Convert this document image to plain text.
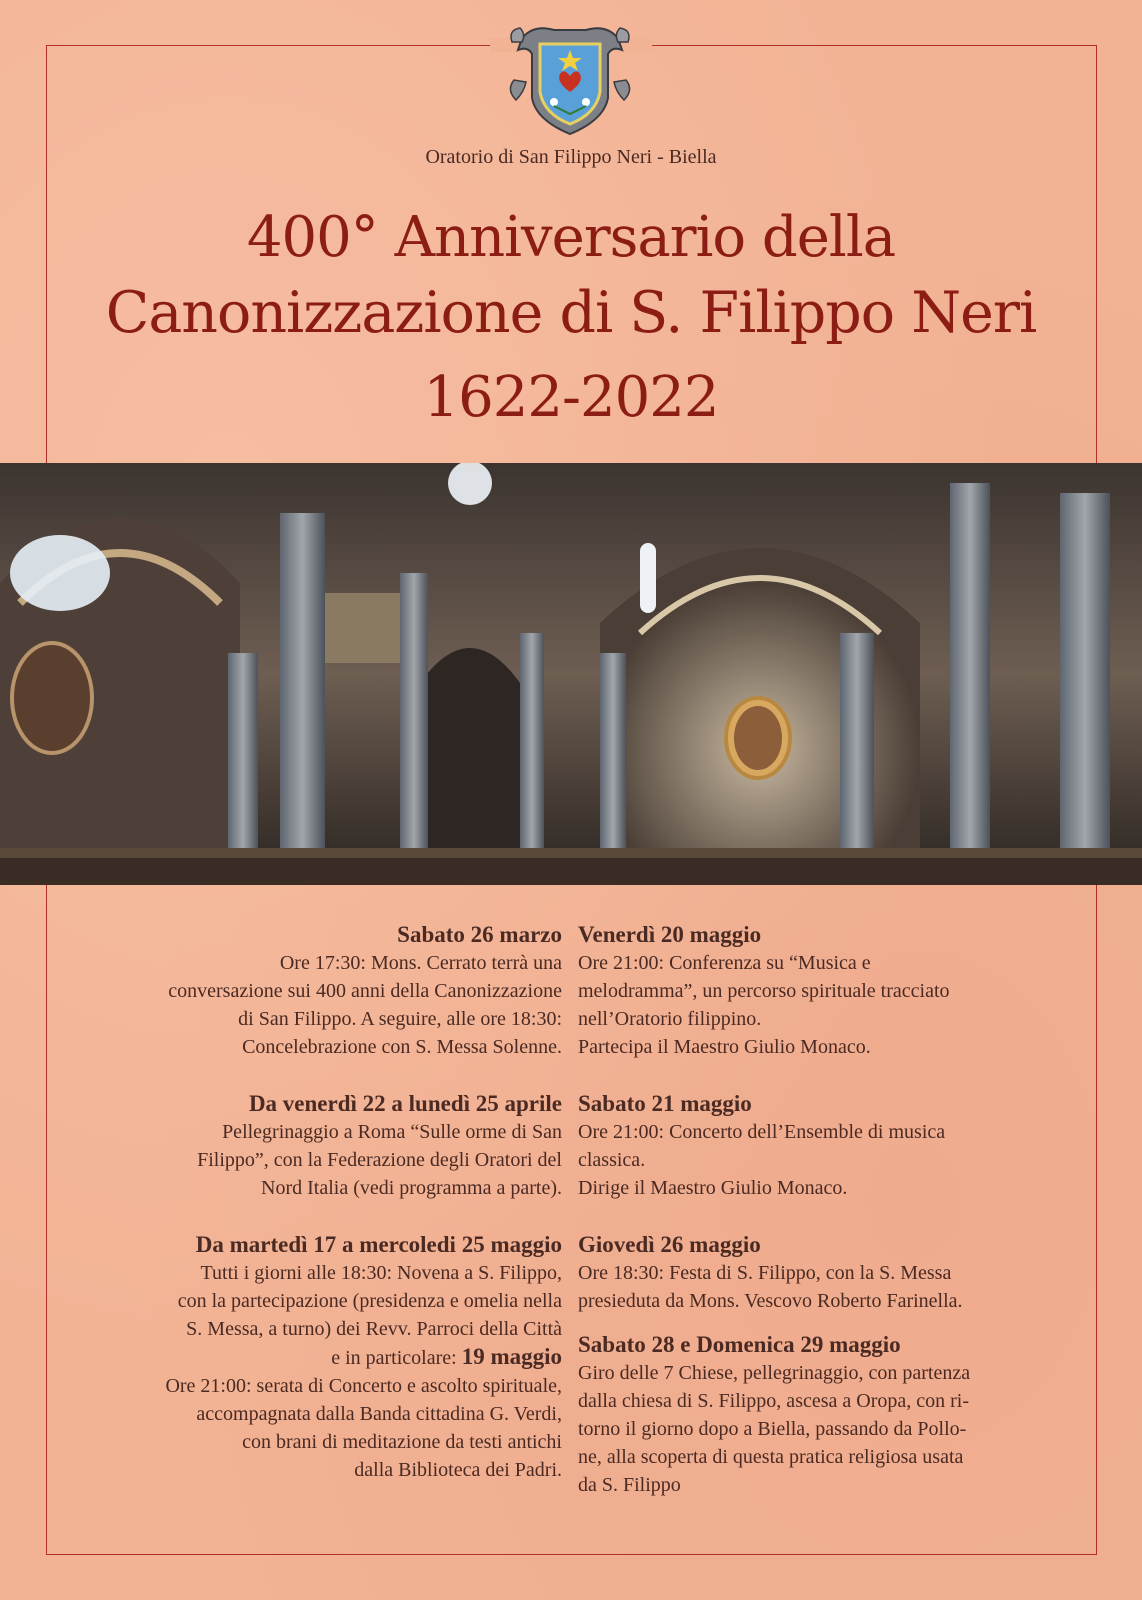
Oratorio di San Filippo Neri - Biella
400° Anniversario della
Canonizzazione di S. Filippo Neri
1622-2022
Sabato 26 marzo

Ore 17:30: Mons. Cerrato terrà una
conversazione sui 400 anni della Canonizzazione
di San Filippo. A seguire, alle ore 18:30:
Concelebrazione con S. Messa Solenne.

Da venerdì 22 a lunedì 25 aprile

Pellegrinaggio a Roma “Sulle orme di San
Filippo”, con la Federazione degli Oratori del
Nord Italia (vedi programma a parte).

Da martedì 17 a mercoledi 25 maggio

Tutti i giorni alle 18:30: Novena a S. Filippo,
con la partecipazione (presidenza e omelia nella
S. Messa, a turno) dei Revv. Parroci della Città
e in particolare: 19 maggio
Ore 21:00: serata di Concerto e ascolto spirituale,
accompagnata dalla Banda cittadina G. Verdi,
con brani di meditazione da testi antichi
dalla Biblioteca dei Padri.

Venerdì 20 maggio

Ore 21:00: Conferenza su “Musica e
melodramma”, un percorso spirituale tracciato
nell’Oratorio filippino.
Partecipa il Maestro Giulio Monaco.

Sabato 21 maggio

Ore 21:00: Concerto dell’Ensemble di musica
classica.
Dirige il Maestro Giulio Monaco.

Giovedì 26 maggio

Ore 18:30: Festa di S. Filippo, con la S. Messa
presieduta da Mons. Vescovo Roberto Farinella.

Sabato 28 e Domenica 29 maggio

Giro delle 7 Chiese, pellegrinaggio, con partenza
dalla chiesa di S. Filippo, ascesa a Oropa, con ri-
torno il giorno dopo a Biella, passando da Pollo-
ne, alla scoperta di questa pratica religiosa usata
da S. Filippo
